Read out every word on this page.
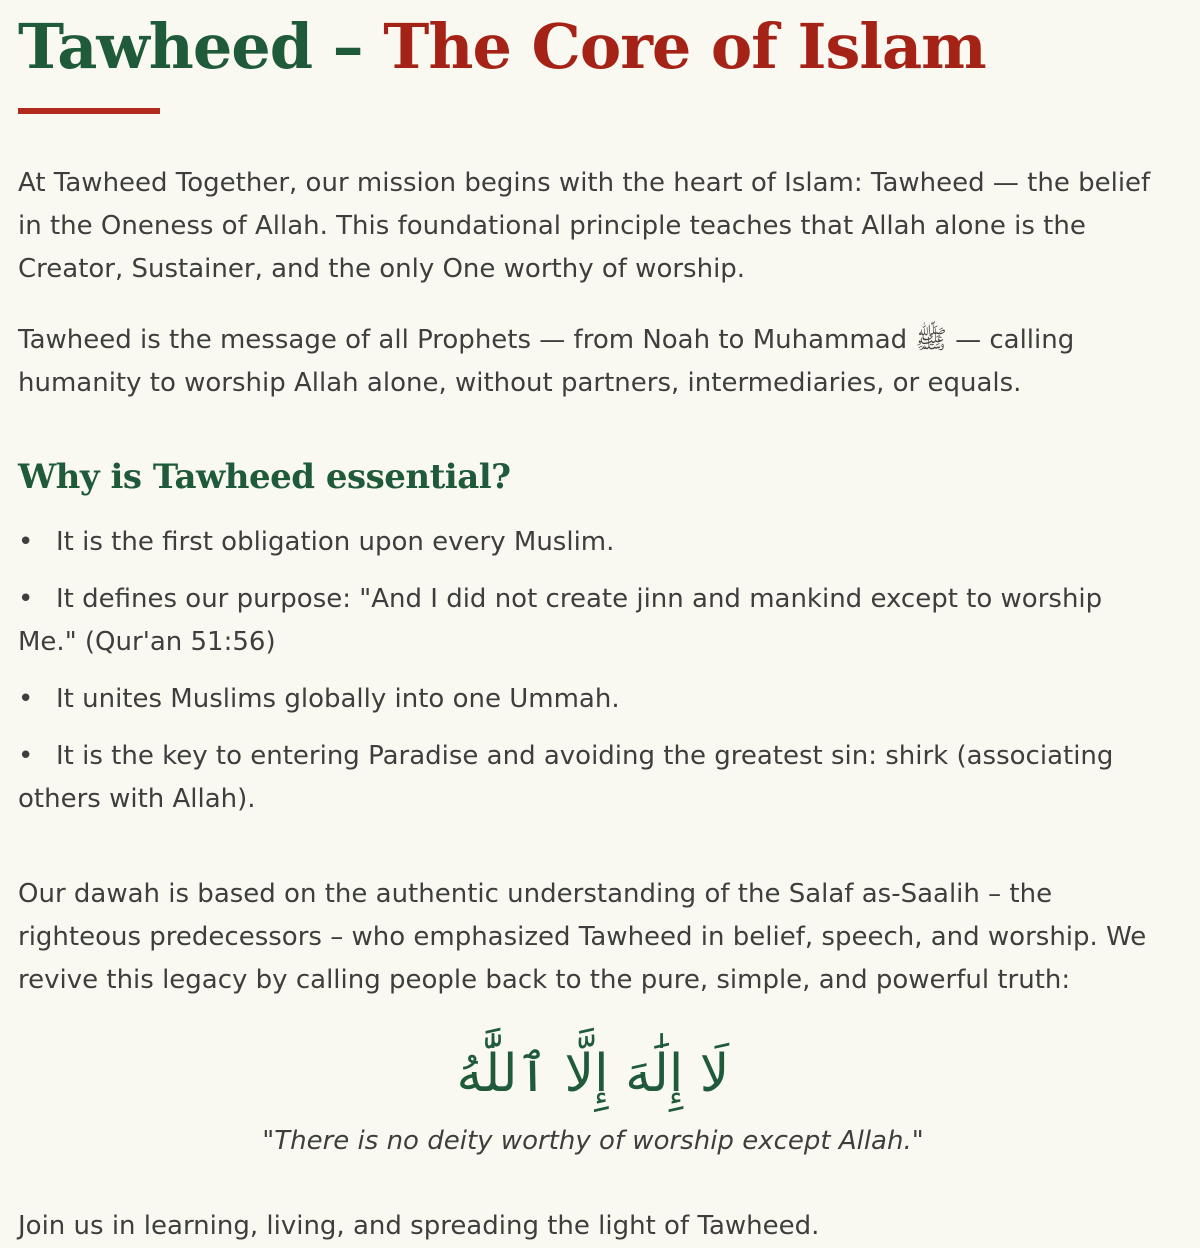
Tawheed – The Core of Islam

At Tawheed Together, our mission begins with the heart of Islam: Tawheed — the belief in the Oneness of Allah. This foundational principle teaches that Allah alone is the Creator, Sustainer, and the only One worthy of worship.

Tawheed is the message of all Prophets — from Noah to Muhammad ﷺ — calling humanity to worship Allah alone, without partners, intermediaries, or equals.

Why is Tawheed essential?
• It is the first obligation upon every Muslim.
• It defines our purpose: "And I did not create jinn and mankind except to worship Me." (Qur'an 51:56)
• It unites Muslims globally into one Ummah.
• It is the key to entering Paradise and avoiding the greatest sin: shirk (associating others with Allah).

Our dawah is based on the authentic understanding of the Salaf as-Saalih – the righteous predecessors – who emphasized Tawheed in belief, speech, and worship. We revive this legacy by calling people back to the pure, simple, and powerful truth:

لَا إِلَٰهَ إِلَّا ٱللَّٰهُ
"There is no deity worthy of worship except Allah."

Join us in learning, living, and spreading the light of Tawheed.
